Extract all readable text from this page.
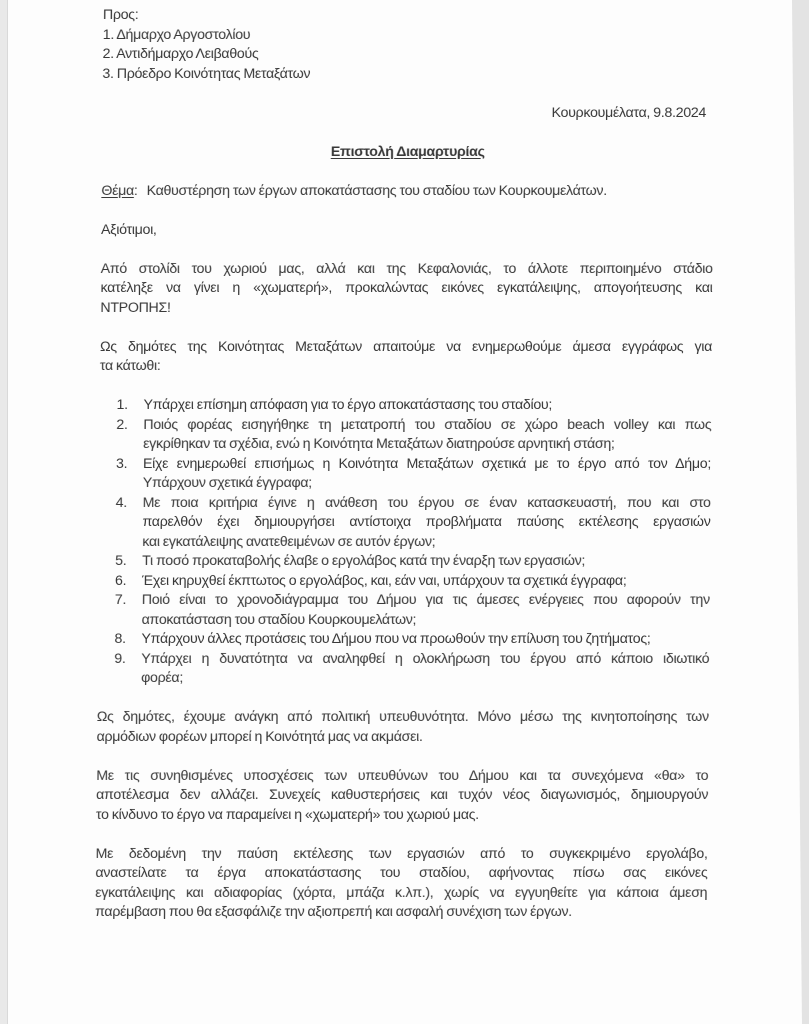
Προς:
1. Δήμαρχο Αργοστολίου
2. Αντιδήμαρχο Λειβαθούς
3. Πρόεδρο Κοινότητας Μεταξάτων
Κουρκουμέλατα, 9.8.2024
Επιστολή Διαμαρτυρίας
Θέμα: Καθυστέρηση των έργων αποκατάστασης του σταδίου των Κουρκουμελάτων.
Αξιότιμοι,
Από στολίδι του χωριού μας, αλλά και της Κεφαλονιάς, το άλλοτε περιποιημένο στάδιο
κατέληξε να γίνει η «χωματερή», προκαλώντας εικόνες εγκατάλειψης, απογοήτευσης και
ΝΤΡΟΠΗΣ!
Ως δημότες της Κοινότητας Μεταξάτων απαιτούμε να ενημερωθούμε άμεσα εγγράφως για
τα κάτωθι:
1. Υπάρχει επίσημη απόφαση για το έργο αποκατάστασης του σταδίου;
2. Ποιός φορέας εισηγήθηκε τη μετατροπή του σταδίου σε χώρο beach volley και πως
εγκρίθηκαν τα σχέδια, ενώ η Κοινότητα Μεταξάτων διατηρούσε αρνητική στάση;
3. Είχε ενημερωθεί επισήμως η Κοινότητα Μεταξάτων σχετικά με το έργο από τον Δήμο;
Υπάρχουν σχετικά έγγραφα;
4. Με ποια κριτήρια έγινε η ανάθεση του έργου σε έναν κατασκευαστή, που και στο
παρελθόν έχει δημιουργήσει αντίστοιχα προβλήματα παύσης εκτέλεσης εργασιών
και εγκατάλειψης ανατεθειμένων σε αυτόν έργων;
5. Τι ποσό προκαταβολής έλαβε ο εργολάβος κατά την έναρξη των εργασιών;
6. Έχει κηρυχθεί έκπτωτος ο εργολάβος, και, εάν ναι, υπάρχουν τα σχετικά έγγραφα;
7. Ποιό είναι το χρονοδιάγραμμα του Δήμου για τις άμεσες ενέργειες που αφορούν την
αποκατάσταση του σταδίου Κουρκουμελάτων;
8. Υπάρχουν άλλες προτάσεις του Δήμου που να προωθούν την επίλυση του ζητήματος;
9. Υπάρχει η δυνατότητα να αναληφθεί η ολοκλήρωση του έργου από κάποιο ιδιωτικό
φορέα;
Ως δημότες, έχουμε ανάγκη από πολιτική υπευθυνότητα. Μόνο μέσω της κινητοποίησης των
αρμόδιων φορέων μπορεί η Κοινότητά μας να ακμάσει.
Με τις συνηθισμένες υποσχέσεις των υπευθύνων του Δήμου και τα συνεχόμενα «θα» το
αποτέλεσμα δεν αλλάζει. Συνεχείς καθυστερήσεις και τυχόν νέος διαγωνισμός, δημιουργούν
το κίνδυνο το έργο να παραμείνει η «χωματερή» του χωριού μας.
Με δεδομένη την παύση εκτέλεσης των εργασιών από το συγκεκριμένο εργολάβο,
αναστείλατε τα έργα αποκατάστασης του σταδίου, αφήνοντας πίσω σας εικόνες
εγκατάλειψης και αδιαφορίας (χόρτα, μπάζα κ.λπ.), χωρίς να εγγυηθείτε για κάποια άμεση
παρέμβαση που θα εξασφάλιζε την αξιοπρεπή και ασφαλή συνέχιση των έργων.
